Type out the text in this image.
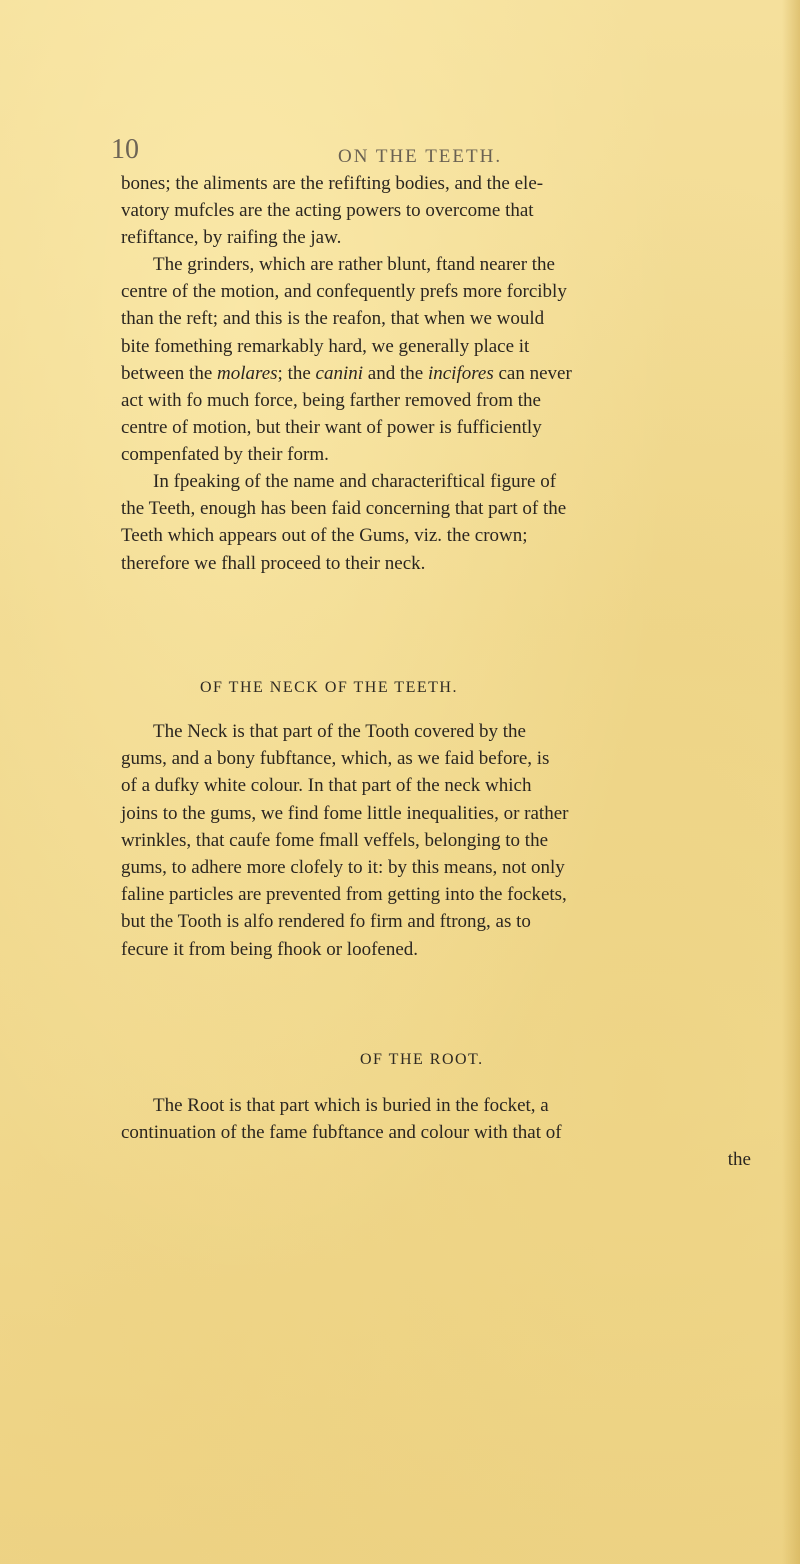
10	ON THE TEETH.
bones; the aliments are the refifting bodies, and the ele-
vatory mufcles are the acting powers to overcome that
refiftance, by raifing the jaw.
The grinders, which are rather blunt, ftand nearer the
centre of the motion, and confequently prefs more forcibly
than the reft; and this is the reafon, that when we would
bite fomething remarkably hard, we generally place it
between the molares; the canini and the incifores can never
act with fo much force, being farther removed from the
centre of motion, but their want of power is fufficiently
compenfated by their form.
In fpeaking of the name and characteriftical figure of
the Teeth, enough has been faid concerning that part of the
Teeth which appears out of the Gums, viz. the crown;
therefore we fhall proceed to their neck.
OF THE NECK OF THE TEETH.
The Neck is that part of the Tooth covered by the
gums, and a bony fubftance, which, as we faid before, is
of a dufky white colour. In that part of the neck which
joins to the gums, we find fome little inequalities, or rather
wrinkles, that caufe fome fmall veffels, belonging to the
gums, to adhere more clofely to it: by this means, not only
faline particles are prevented from getting into the fockets,
but the Tooth is alfo rendered fo firm and ftrong, as to
fecure it from being fhook or loofened.
OF THE ROOT.
The Root is that part which is buried in the focket, a
continuation of the fame fubftance and colour with that of
the
